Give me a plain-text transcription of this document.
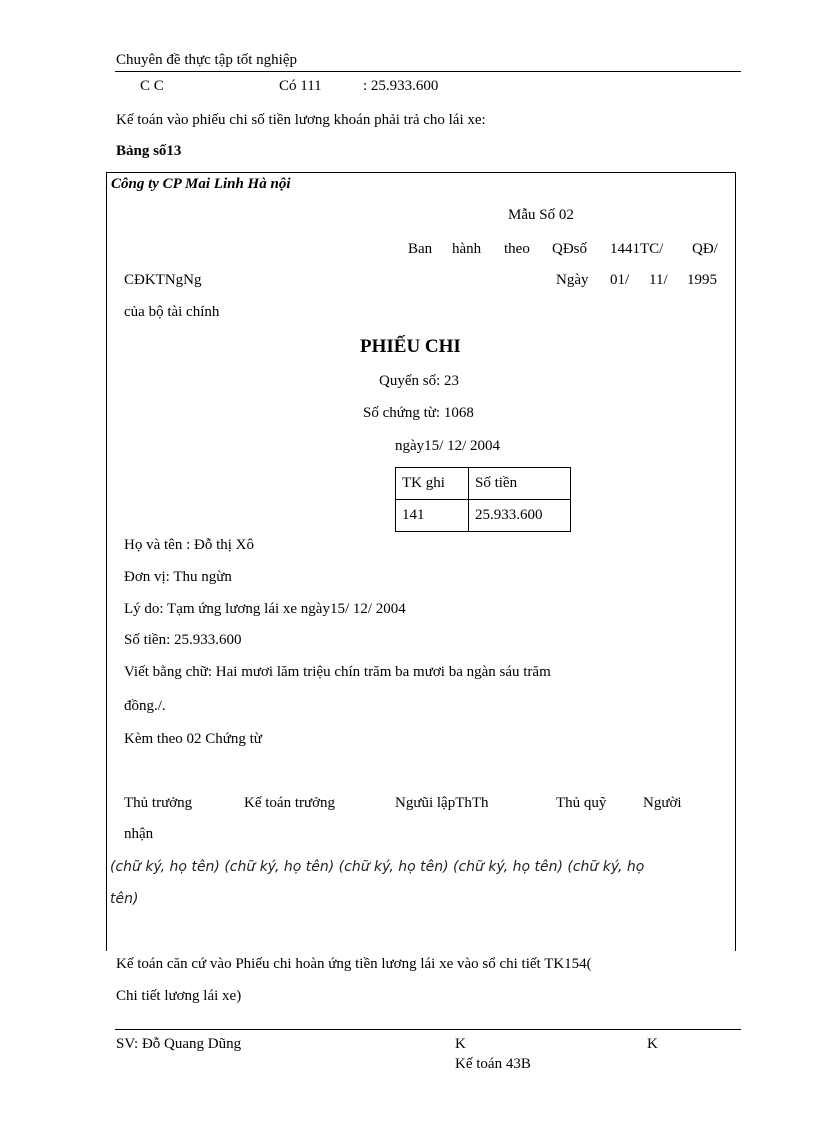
Chuyên đề thực tập tốt nghiệp
C C	Có 111	: 25.933.600
Kế toán vào phiếu chi số tiền lương khoán phải trả cho lái xe:
Bảng số13
Công ty CP Mai Linh Hà nội
Mẫu Số 02
Ban hành theo QĐsố 1441TC/ QĐ/
CĐKTNgNg	Ngày 01/ 11/ 1995
của bộ tài chính
PHIẾU CHI
Quyển số: 23
Số chứng từ: 1068
ngày15/ 12/ 2004
TK ghi	Số tiền
141	25.933.600
Họ và tên : Đỗ thị Xô
Đơn vị: Thu ngừn
Lý do: Tạm ứng lương lái xe ngày15/ 12/ 2004
Số tiền: 25.933.600
Viết bằng chữ: Hai mươi lăm triệu chín trăm ba mươi ba ngàn sáu trăm
đồng./.
Kèm theo 02 Chứng từ
Thủ trưởng	Kế toán trưởng	Ngưũi lậpThTh	Thủ quỹ Người
nhận
(chữ ký, họ tên) (chữ ký, họ tên) (chữ ký, họ tên) (chữ ký, họ tên) (chữ ký, họ
tên)
Kế toán căn cứ vào Phiếu chi hoàn ứng tiền lương lái xe vào sổ chi tiết TK154(
Chi tiết lương lái xe)
SV: Đỗ Quang Dũng	K	K
Kế toán 43B
